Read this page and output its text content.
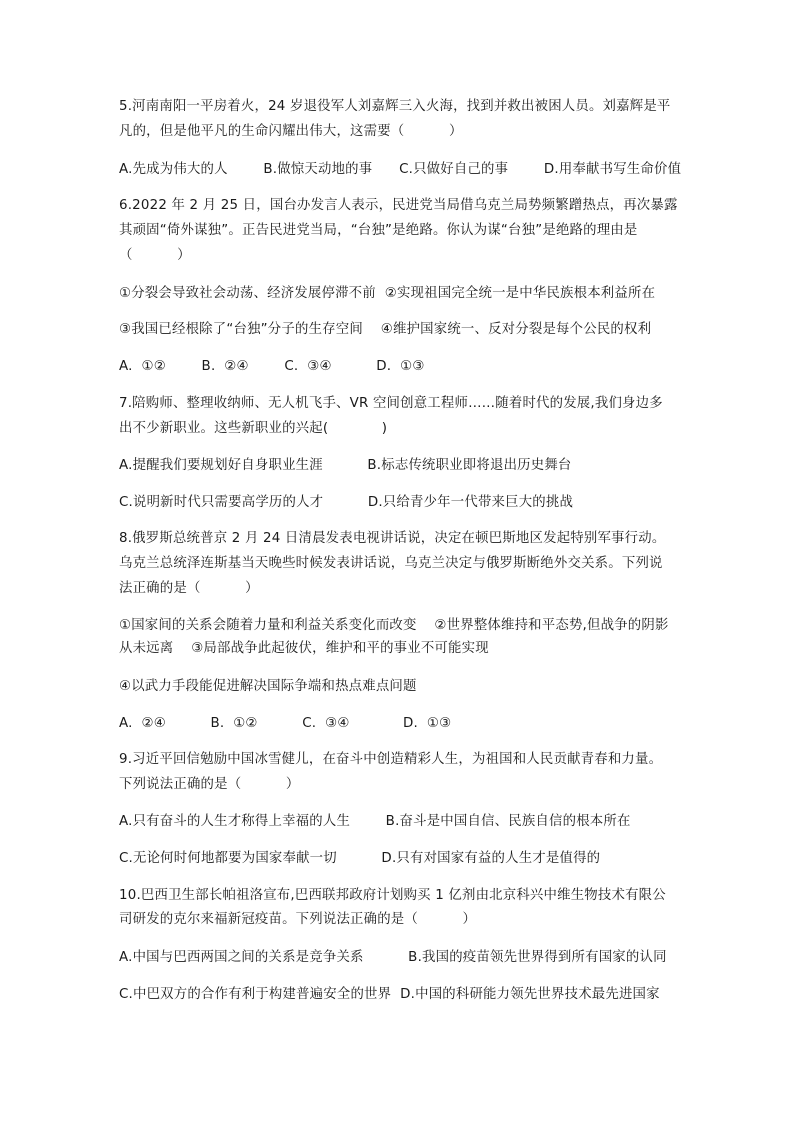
5.河南南阳一平房着火，24 岁退役军人刘嘉辉三入火海，找到并救出被困人员。刘嘉辉是平
凡的，但是他平凡的生命闪耀出伟大，这需要（          ）
A.先成为伟大的人        B.做惊天动地的事      C.只做好自己的事        D.用奉献书写生命价值
6.2022 年 2 月 25 日，国台办发言人表示，民进党当局借乌克兰局势频繁蹭热点，再次暴露
其顽固“倚外谋独”。正告民进党当局，“台独”是绝路。你认为谋“台独”是绝路的理由是
（          ）
①分裂会导致社会动荡、经济发展停滞不前  ②实现祖国完全统一是中华民族根本利益所在
③我国已经根除了“台独”分子的生存空间    ④维护国家统一、反对分裂是每个公民的权利
A.  ①②        B.  ②④        C.  ③④          D.  ①③
7.陪购师、整理收纳师、无人机飞手、VR 空间创意工程师……随着时代的发展,我们身边多
出不少新职业。这些新职业的兴起(            )
A.提醒我们要规划好自身职业生涯          B.标志传统职业即将退出历史舞台
C.说明新时代只需要高学历的人才          D.只给青少年一代带来巨大的挑战
8.俄罗斯总统普京 2 月 24 日清晨发表电视讲话说，决定在顿巴斯地区发起特别军事行动。
乌克兰总统泽连斯基当天晚些时候发表讲话说，乌克兰决定与俄罗斯断绝外交关系。下列说
法正确的是（          ）
①国家间的关系会随着力量和利益关系变化而改变    ②世界整体维持和平态势,但战争的阴影
从未远离    ③局部战争此起彼伏，维护和平的事业不可能实现
④以武力手段能促进解决国际争端和热点难点问题
A.  ②④          B.  ①②          C.  ③④            D.  ①③
9.习近平回信勉励中国冰雪健儿，在奋斗中创造精彩人生，为祖国和人民贡献青春和力量。
下列说法正确的是（          ）
A.只有奋斗的人生才称得上幸福的人生        B.奋斗是中国自信、民族自信的根本所在
C.无论何时何地都要为国家奉献一切          D.只有对国家有益的人生才是值得的
10.巴西卫生部长帕祖洛宣布,巴西联邦政府计划购买 1 亿剂由北京科兴中维生物技术有限公
司研发的克尔来福新冠疫苗。下列说法正确的是（          ）
A.中国与巴西两国之间的关系是竞争关系          B.我国的疫苗领先世界得到所有国家的认同
C.中巴双方的合作有利于构建普遍安全的世界  D.中国的科研能力领先世界技术最先进国家
